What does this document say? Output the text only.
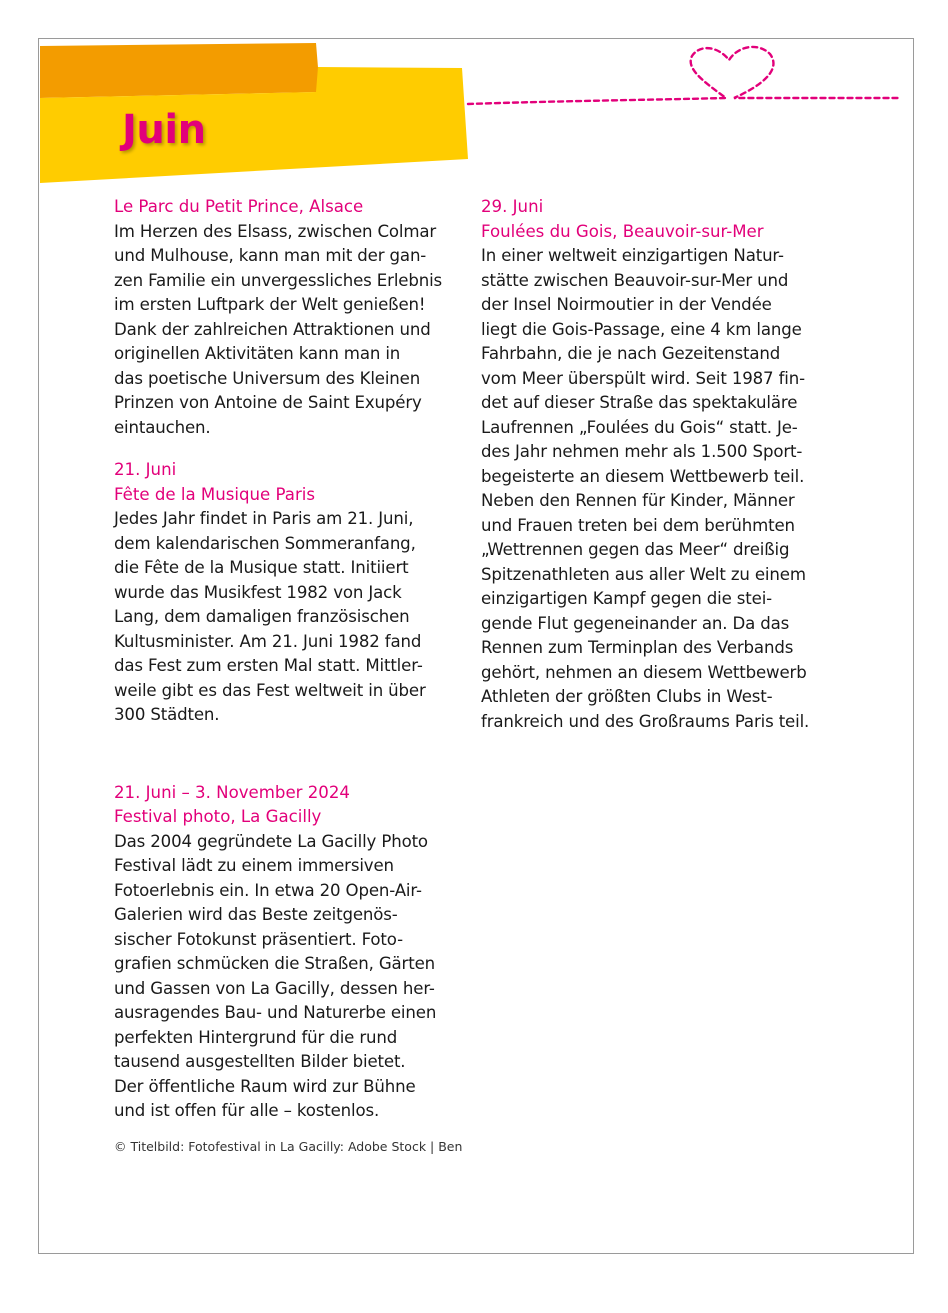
Juin
Le Parc du Petit Prince, Alsace

Im Herzen des Elsass, zwischen Colmar
und Mulhouse, kann man mit der gan-
zen Familie ein unvergessliches Erlebnis
im ersten Luftpark der Welt genießen!
Dank der zahlreichen Attraktionen und
originellen Aktivitäten kann man in
das poetische Universum des Kleinen
Prinzen von Antoine de Saint Exupéry
eintauchen.

21. Juni
Fête de la Musique Paris

Jedes Jahr findet in Paris am 21. Juni,
dem kalendarischen Sommeranfang,
die Fête de la Musique statt. Initiiert
wurde das Musikfest 1982 von Jack
Lang, dem damaligen französischen
Kultusminister. Am 21. Juni 1982 fand
das Fest zum ersten Mal statt. Mittler-
weile gibt es das Fest weltweit in über
300 Städten.

21. Juni – 3. November 2024
Festival photo, La Gacilly

Das 2004 gegründete La Gacilly Photo
Festival lädt zu einem immersiven
Fotoerlebnis ein. In etwa 20 Open-Air-
Galerien wird das Beste zeitgenös-
sischer Fotokunst präsentiert. Foto-
grafien schmücken die Straßen, Gärten
und Gassen von La Gacilly, dessen her-
ausragendes Bau- und Naturerbe einen
perfekten Hintergrund für die rund
tausend ausgestellten Bilder bietet.
Der öffentliche Raum wird zur Bühne
und ist offen für alle – kostenlos.

29. Juni
Foulées du Gois, Beauvoir-sur-Mer

In einer weltweit einzigartigen Natur-
stätte zwischen Beauvoir-sur-Mer und
der Insel Noirmoutier in der Vendée
liegt die Gois-Passage, eine 4 km lange
Fahrbahn, die je nach Gezeitenstand
vom Meer überspült wird. Seit 1987 fin-
det auf dieser Straße das spektakuläre
Laufrennen „Foulées du Gois“ statt. Je-
des Jahr nehmen mehr als 1.500 Sport-
begeisterte an diesem Wettbewerb teil.
Neben den Rennen für Kinder, Männer
und Frauen treten bei dem berühmten
„Wettrennen gegen das Meer“ dreißig
Spitzenathleten aus aller Welt zu einem
einzigartigen Kampf gegen die stei-
gende Flut gegeneinander an. Da das
Rennen zum Terminplan des Verbands
gehört, nehmen an diesem Wettbewerb
Athleten der größten Clubs in West-
frankreich und des Großraums Paris teil.

© Titelbild: Fotofestival in La Gacilly: Adobe Stock | Ben
